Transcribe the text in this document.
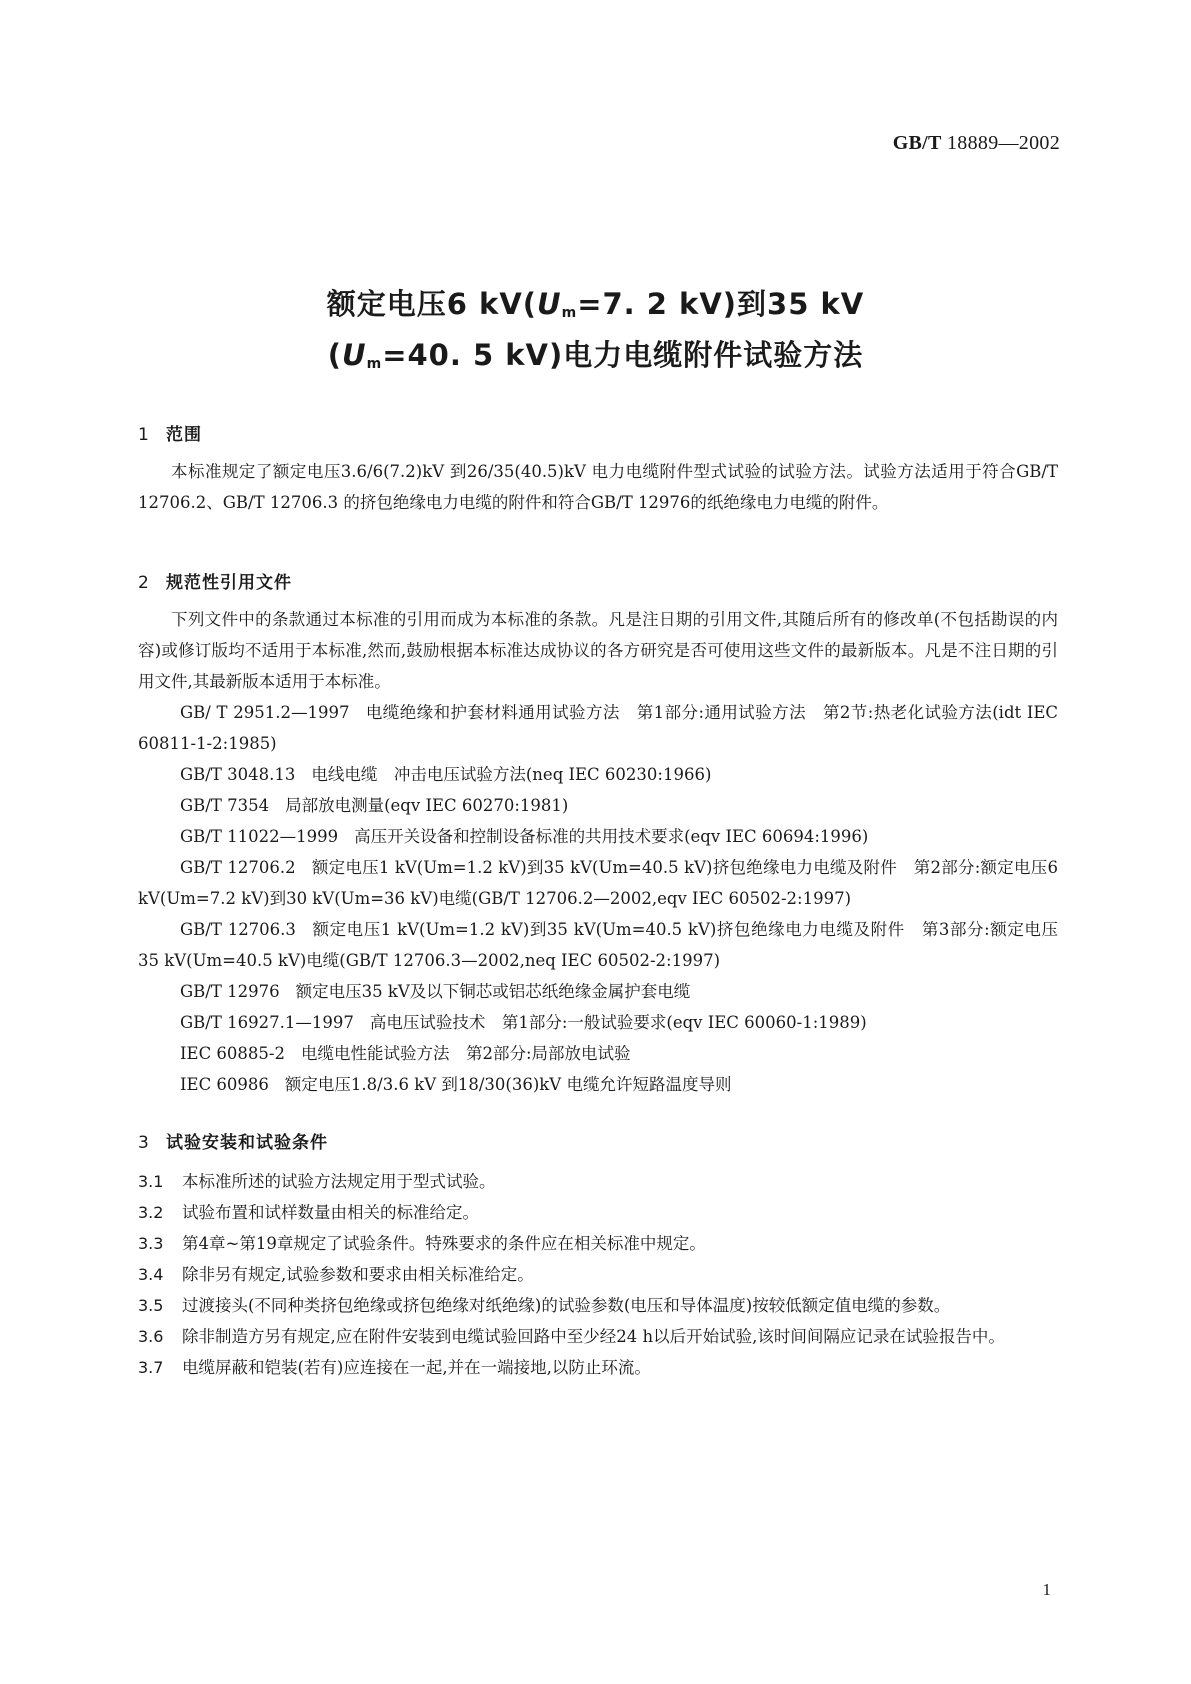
GB/T 18889—2002
额定电压6 $kV(U_m=7$. 2 kV)到35 kV
($U_m=40$. 5 kV)电力电缆附件试验方法
1 范围

本标准规定了额定电压3.6/6(7.2)kV 到26/35(40.5)kV 电力电缆附件型式试验的试验方法。试验方法适用于符合GB/T 12706.2、GB/T 12706.3 的挤包绝缘电力电缆的附件和符合GB/T 12976的纸绝缘电力电缆的附件。

2 规范性引用文件

下列文件中的条款通过本标准的引用而成为本标准的条款。凡是注日期的引用文件,其随后所有的修改单(不包括勘误的内容)或修订版均不适用于本标准,然而,鼓励根据本标准达成协议的各方研究是否可使用这些文件的最新版本。凡是不注日期的引用文件,其最新版本适用于本标准。

GB/ T 2951.2—1997 电缆绝缘和护套材料通用试验方法　第1部分:通用试验方法　第2节:热老化试验方法(idt IEC 60811-1-2:1985)

GB/T 3048.13 电线电缆　冲击电压试验方法(neq IEC 60230:1966)

GB/T 7354 局部放电测量(eqv IEC 60270:1981)

GB/T 11022—1999 高压开关设备和控制设备标准的共用技术要求(eqv IEC 60694:1996)

GB/T 12706.2 额定电压1 kV(Um=1.2 kV)到35 kV(Um=40.5 kV)挤包绝缘电力电缆及附件　第2部分:额定电压6 kV(Um=7.2 kV)到30 kV(Um=36 kV)电缆(GB/T 12706.2—2002,eqv IEC 60502-2:1997)

GB/T 12706.3 额定电压1 kV(Um=1.2 kV)到35 kV(Um=40.5 kV)挤包绝缘电力电缆及附件　第3部分:额定电压35 kV(Um=40.5 kV)电缆(GB/T 12706.3—2002,neq IEC 60502-2:1997)

GB/T 12976 额定电压35 kV及以下铜芯或铝芯纸绝缘金属护套电缆

GB/T 16927.1—1997 高电压试验技术　第1部分:一般试验要求(eqv IEC 60060-1:1989)

IEC 60885-2 电缆电性能试验方法　第2部分:局部放电试验

IEC 60986 额定电压1.8/3.6 kV 到18/30(36)kV 电缆允许短路温度导则

3 试验安装和试验条件

3.1 本标准所述的试验方法规定用于型式试验。

3.2 试验布置和试样数量由相关的标准给定。

3.3 第4章~第19章规定了试验条件。特殊要求的条件应在相关标准中规定。

3.4 除非另有规定,试验参数和要求由相关标准给定。

3.5 过渡接头(不同种类挤包绝缘或挤包绝缘对纸绝缘)的试验参数(电压和导体温度)按较低额定值电缆的参数。

3.6 除非制造方另有规定,应在附件安装到电缆试验回路中至少经24 h以后开始试验,该时间间隔应记录在试验报告中。

3.7 电缆屏蔽和铠装(若有)应连接在一起,并在一端接地,以防止环流。

1
